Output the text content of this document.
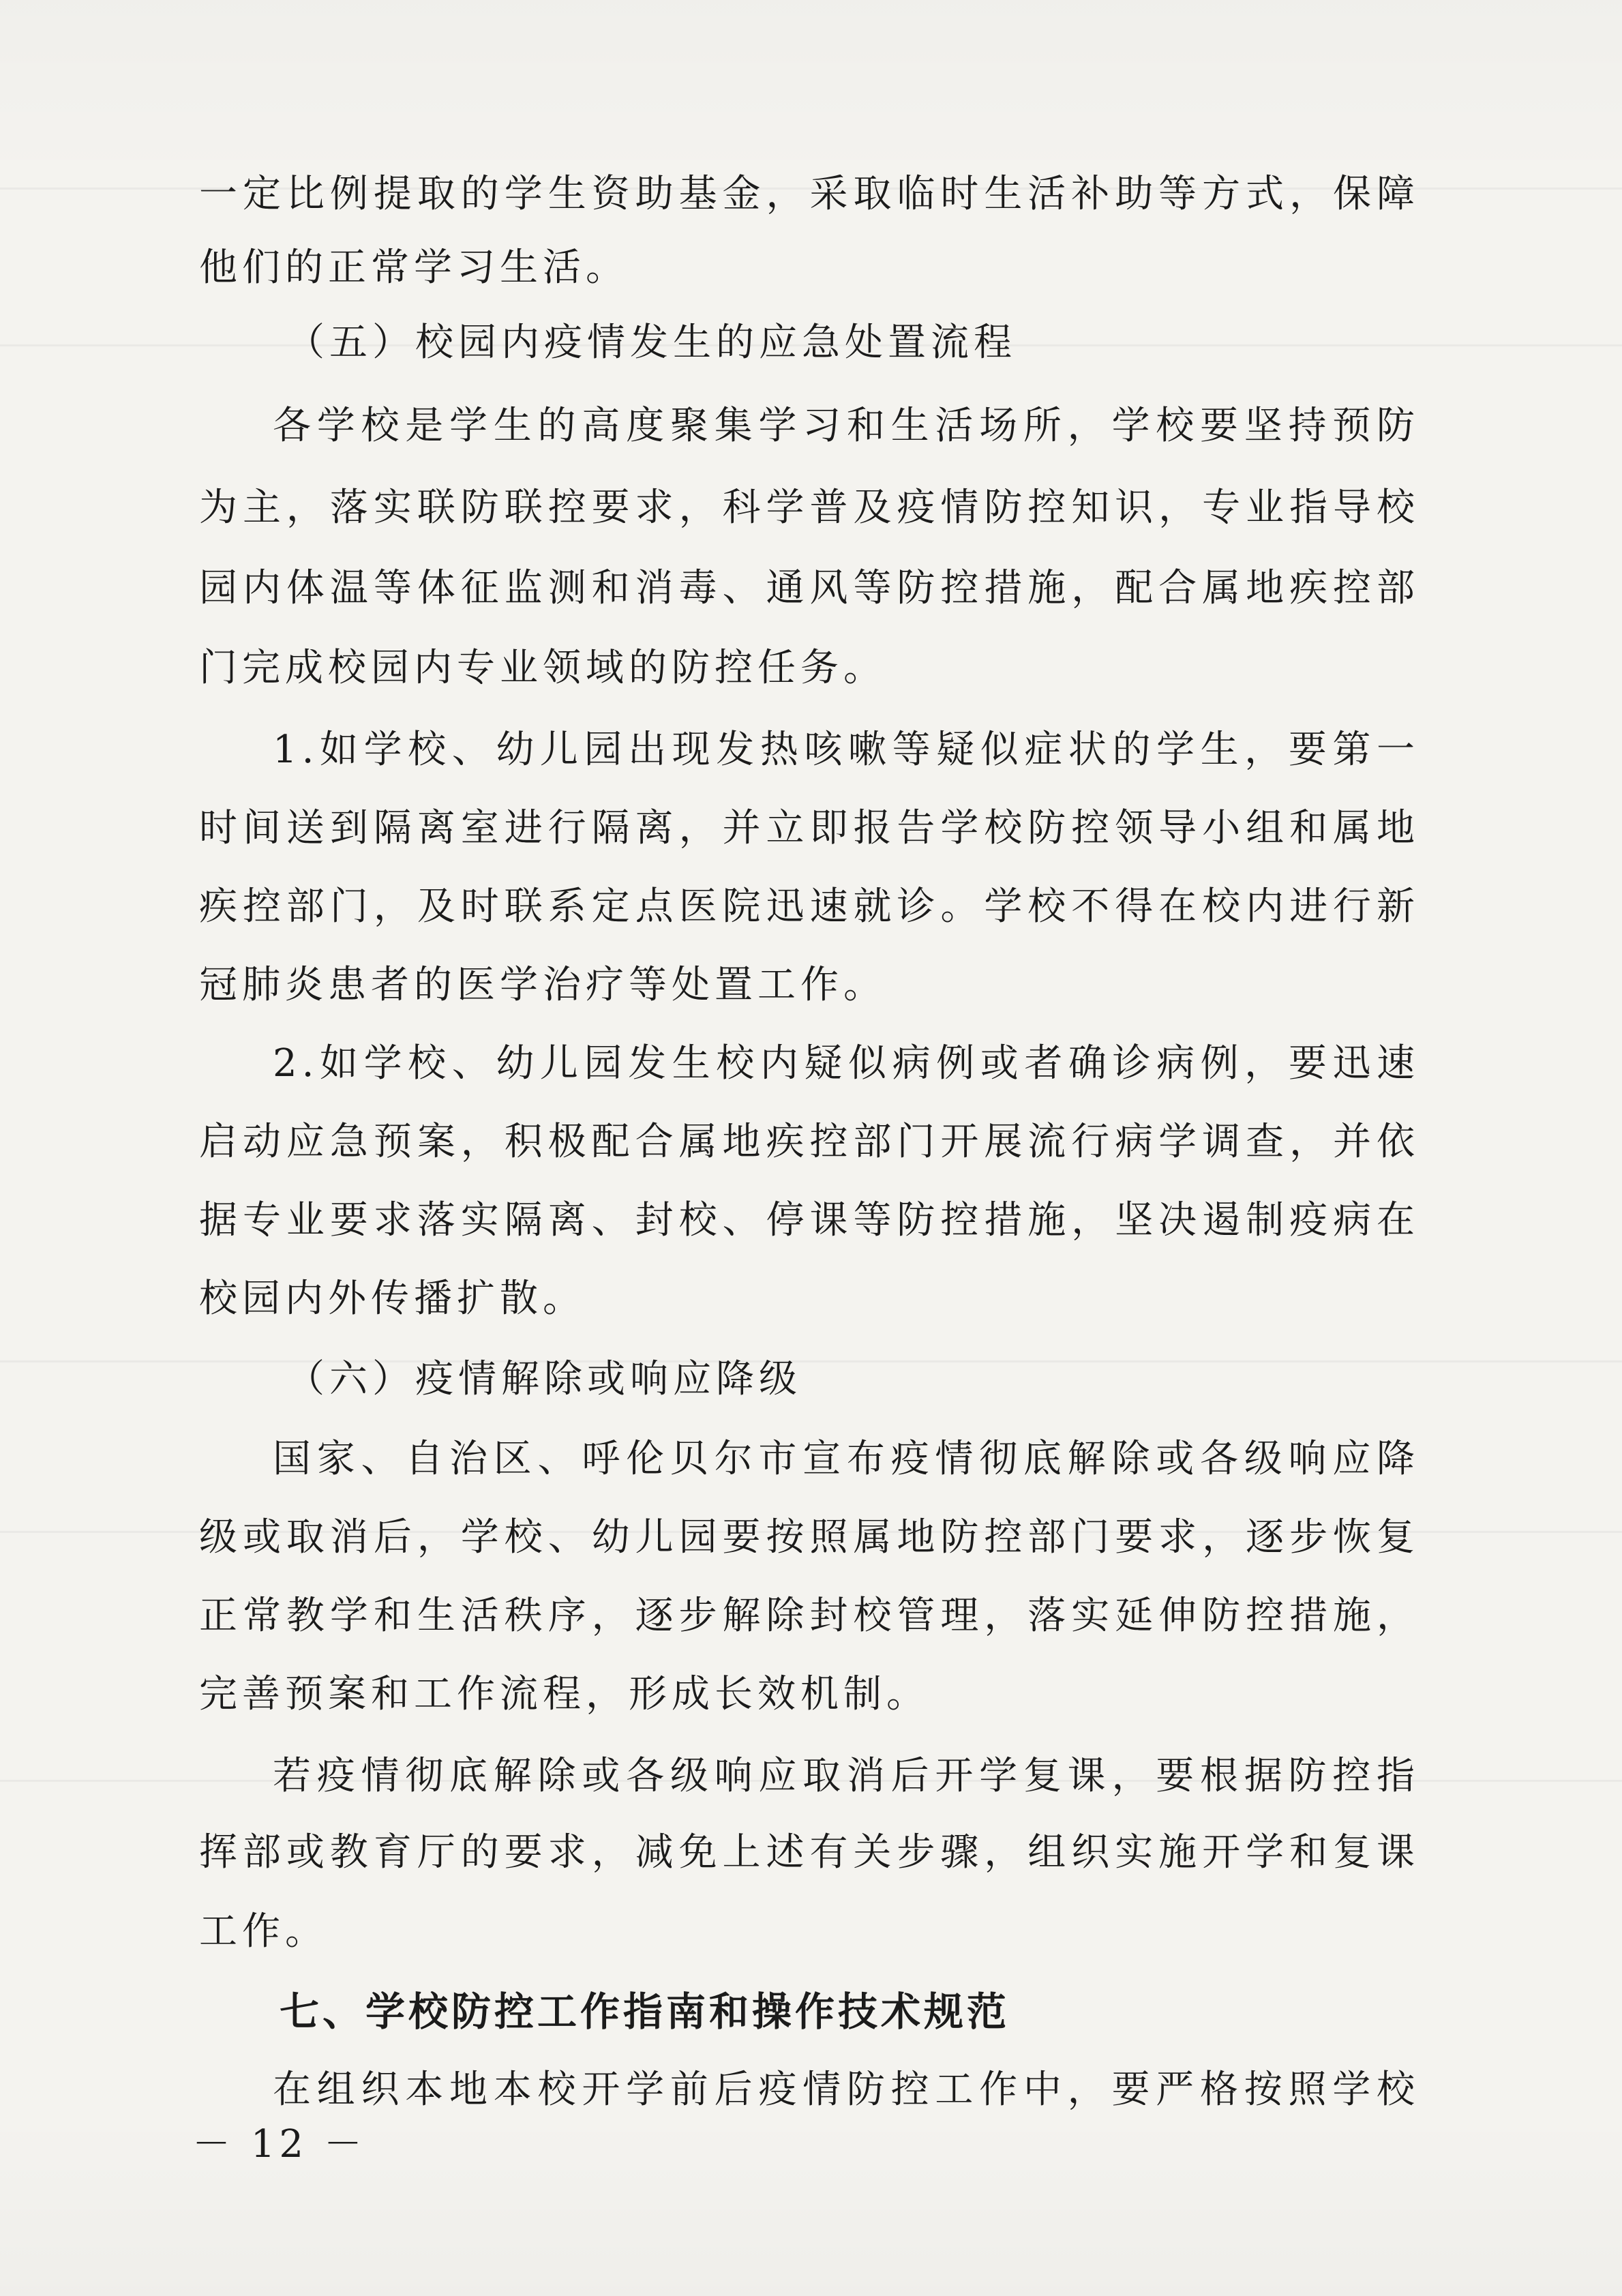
一定比例提取的学生资助基金，采取临时生活补助等方式，保障
他们的正常学习生活。
（五）校园内疫情发生的应急处置流程
各学校是学生的高度聚集学习和生活场所，学校要坚持预防
为主，落实联防联控要求，科学普及疫情防控知识，专业指导校
园内体温等体征监测和消毒、通风等防控措施，配合属地疾控部
门完成校园内专业领域的防控任务。
1.如学校、幼儿园出现发热咳嗽等疑似症状的学生，要第一
时间送到隔离室进行隔离，并立即报告学校防控领导小组和属地
疾控部门，及时联系定点医院迅速就诊。学校不得在校内进行新
冠肺炎患者的医学治疗等处置工作。
2.如学校、幼儿园发生校内疑似病例或者确诊病例，要迅速
启动应急预案，积极配合属地疾控部门开展流行病学调查，并依
据专业要求落实隔离、封校、停课等防控措施，坚决遏制疫病在
校园内外传播扩散。
（六）疫情解除或响应降级
国家、自治区、呼伦贝尔市宣布疫情彻底解除或各级响应降
级或取消后，学校、幼儿园要按照属地防控部门要求，逐步恢复
正常教学和生活秩序，逐步解除封校管理，落实延伸防控措施，
完善预案和工作流程，形成长效机制。
若疫情彻底解除或各级响应取消后开学复课，要根据防控指
挥部或教育厅的要求，减免上述有关步骤，组织实施开学和复课
工作。
七、学校防控工作指南和操作技术规范
在组织本地本校开学前后疫情防控工作中，要严格按照学校
－ 12 －
